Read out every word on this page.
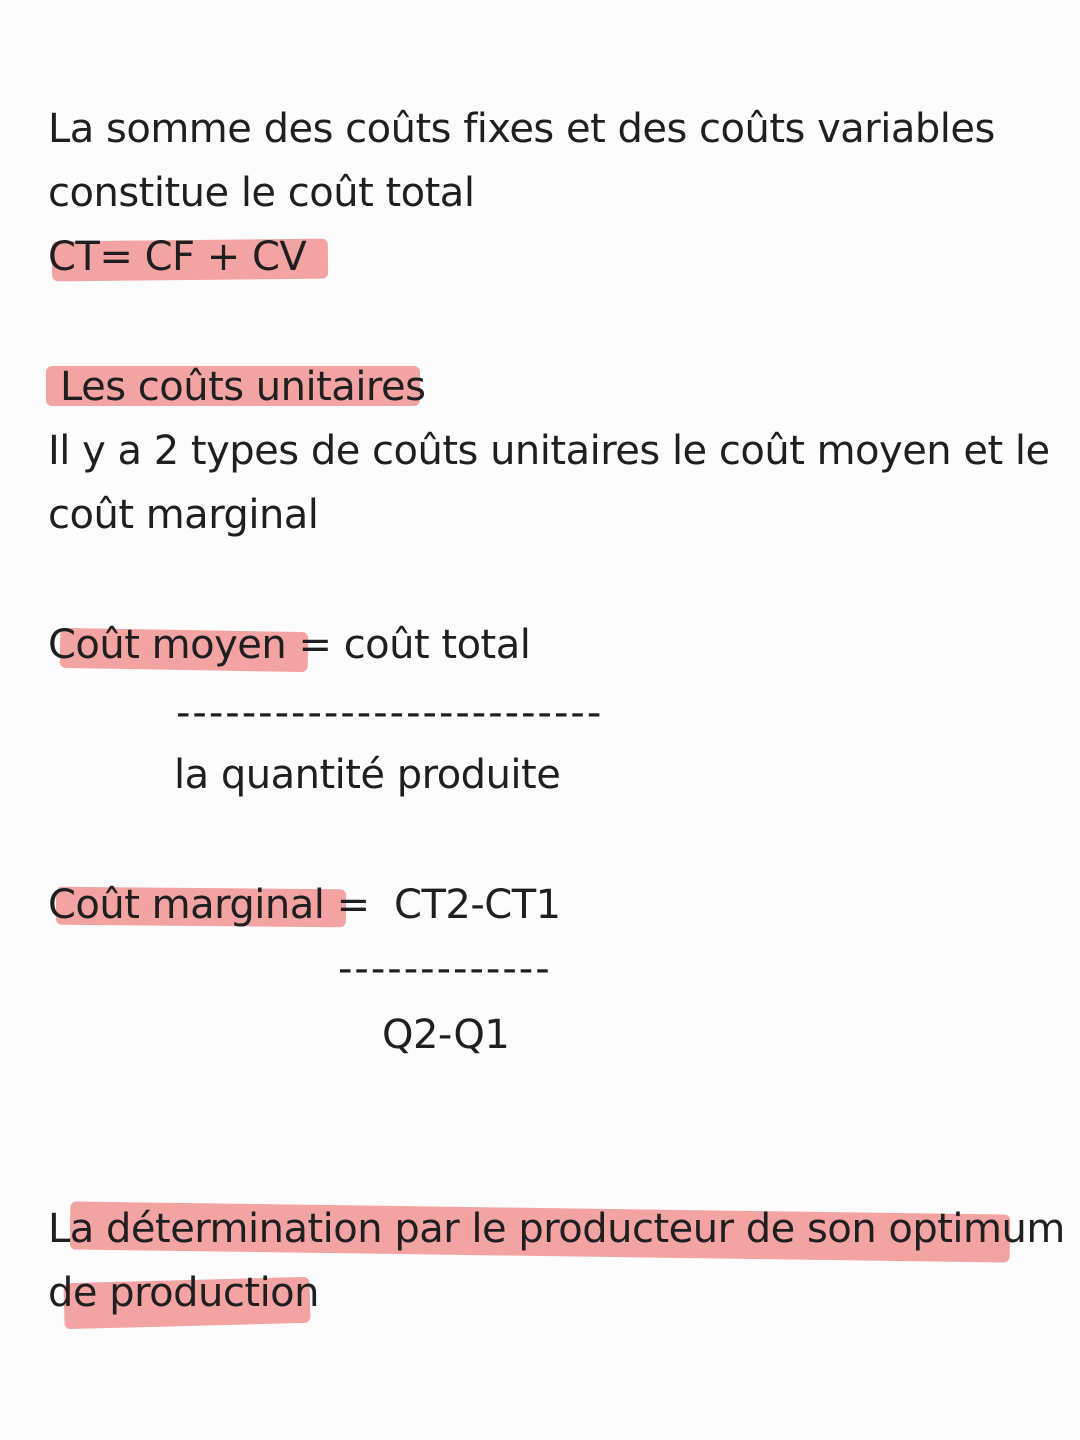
La somme des coûts fixes et des coûts variables
constitue le coût total
CT= CF + CV
Les coûts unitaires
Il y a 2 types de coûts unitaires le coût moyen et le
coût marginal
Coût moyen = coût total
--------------------------
la quantité produite
Coût marginal =  CT2-CT1
-------------
Q2-Q1
La détermination par le producteur de son optimum
de production
